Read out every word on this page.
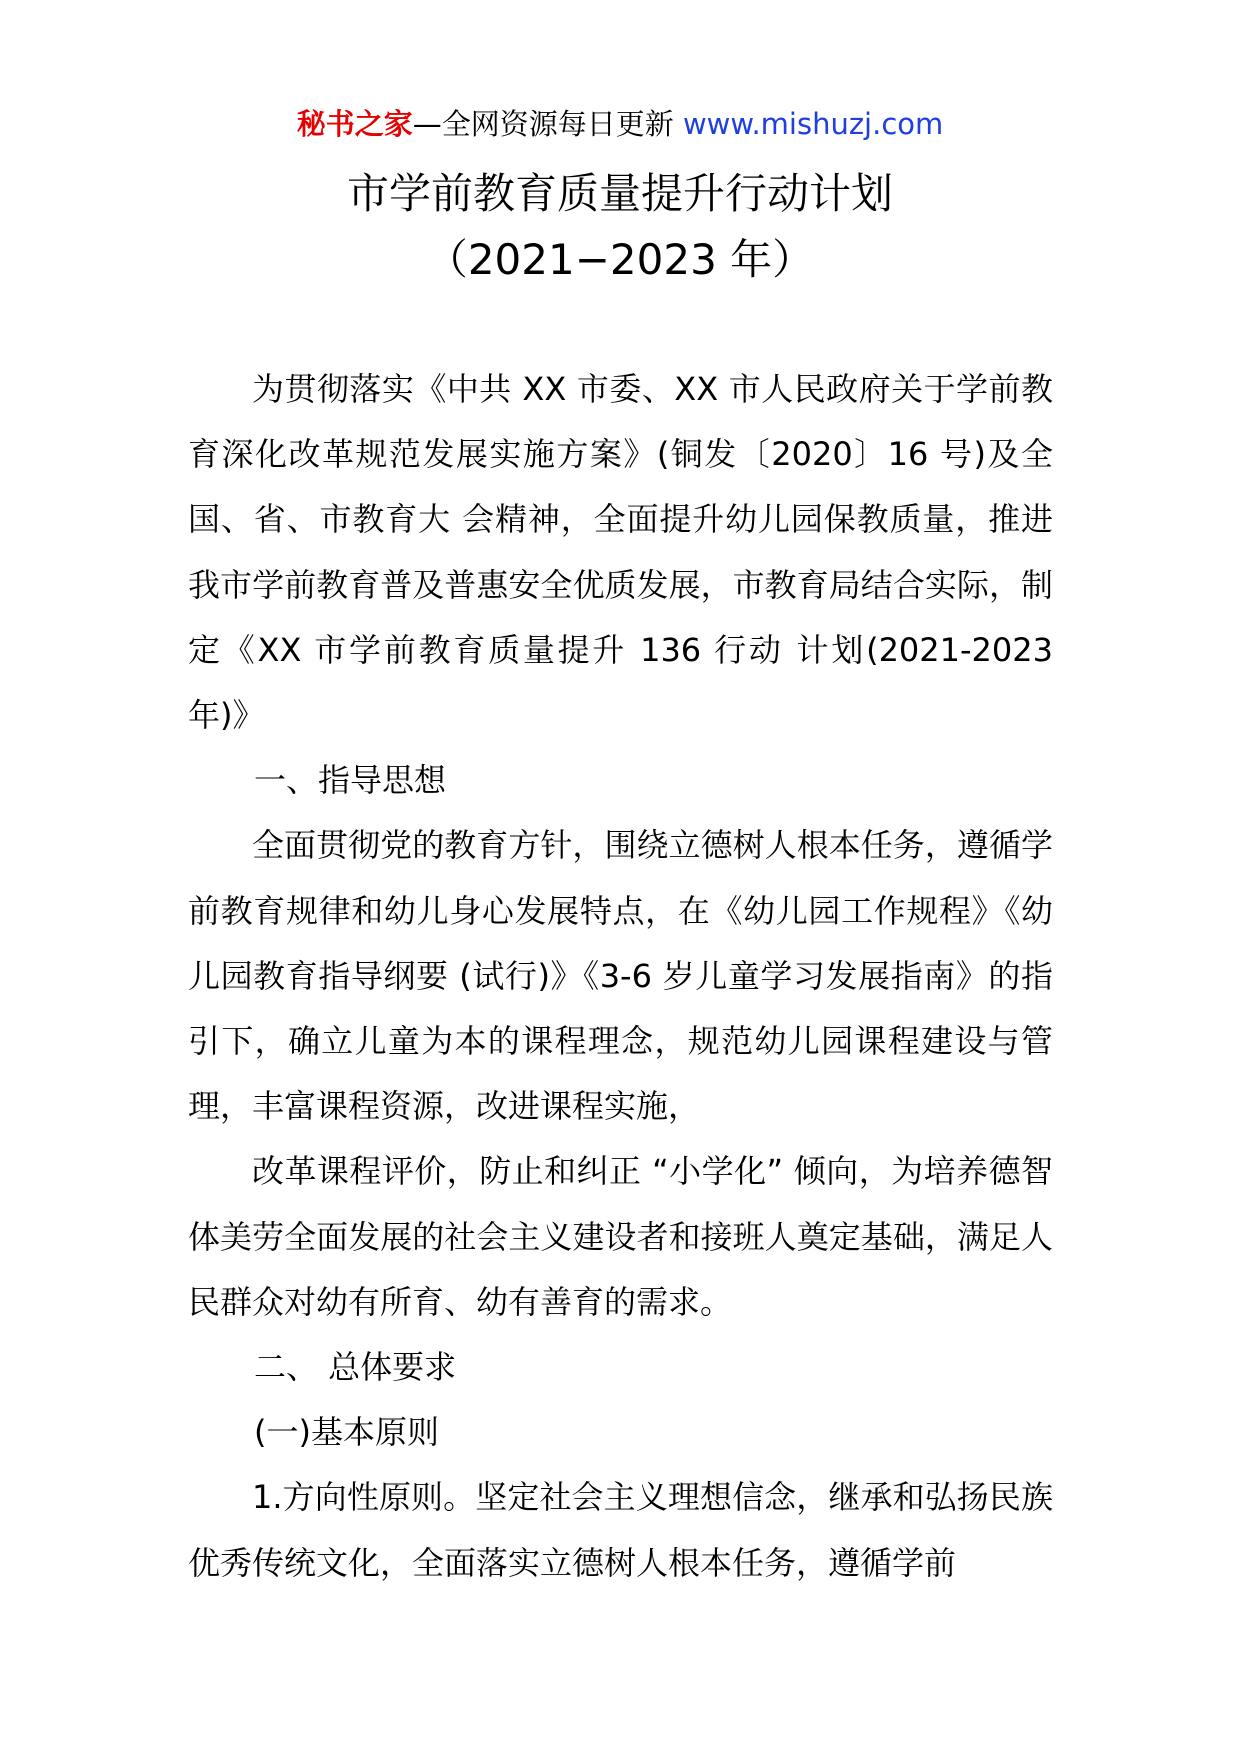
秘书之家—全网资源每日更新 www.mishuzj.com
市学前教育质量提升行动计划
（2021−2023 年）

为贯彻落实《中共 XX 市委、XX 市人民政府关于学前教育深化改革规范发展实施方案》(铜发〔2020〕16 号)及全国、省、市教育大 会精神，全面提升幼儿园保教质量，推进我市学前教育普及普惠安全优质发展，市教育局结合实际，制定《XX 市学前教育质量提升 136 行动 计划(2021-2023 年)》

一、指导思想

全面贯彻党的教育方针，围绕立德树人根本任务，遵循学前教育规律和幼儿身心发展特点，在《幼儿园工作规程》《幼儿园教育指导纲要 (试行)》《3-6 岁儿童学习发展指南》的指引下，确立儿童为本的课程理念，规范幼儿园课程建设与管理，丰富课程资源，改进课程实施，

改革课程评价，防止和纠正 “小学化” 倾向，为培养德智体美劳全面发展的社会主义建设者和接班人奠定基础，满足人民群众对幼有所育、幼有善育的需求。

二、 总体要求

(一)基本原则

1.方向性原则。坚定社会主义理想信念，继承和弘扬民族优秀传统文化，全面落实立德树人根本任务，遵循学前
